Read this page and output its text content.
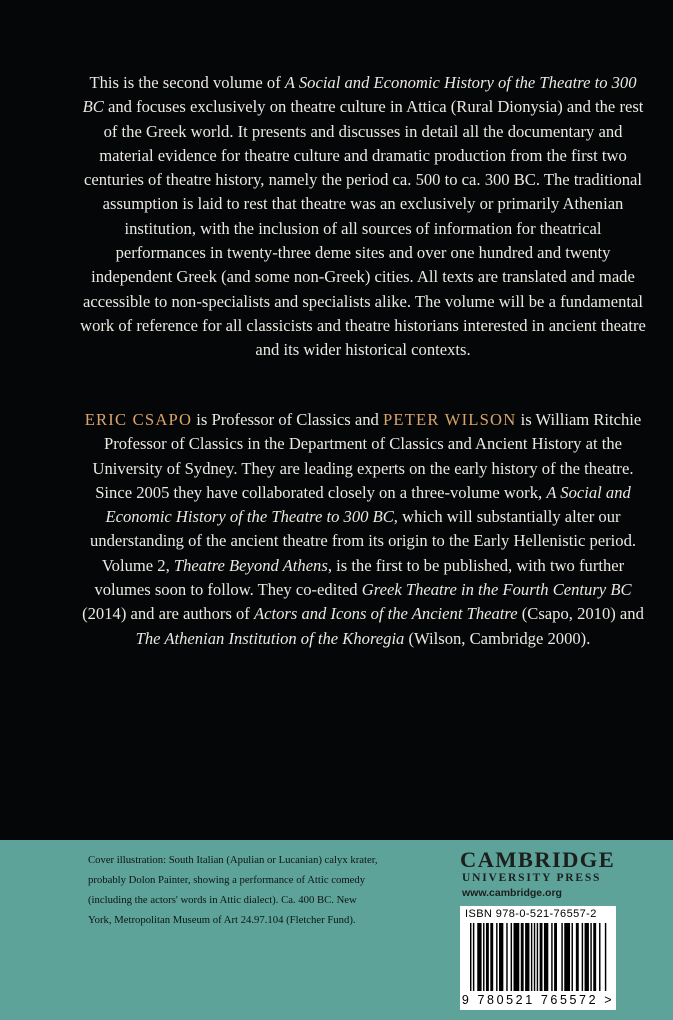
This is the second volume of A Social and Economic History of the Theatre to 300 BC and focuses exclusively on theatre culture in Attica (Rural Dionysia) and the rest of the Greek world. It presents and discusses in detail all the documentary and material evidence for theatre culture and dramatic production from the first two centuries of theatre history, namely the period ca. 500 to ca. 300 BC. The traditional assumption is laid to rest that theatre was an exclusively or primarily Athenian institution, with the inclusion of all sources of information for theatrical performances in twenty-three deme sites and over one hundred and twenty independent Greek (and some non-Greek) cities. All texts are translated and made accessible to non-specialists and specialists alike. The volume will be a fundamental work of reference for all classicists and theatre historians interested in ancient theatre and its wider historical contexts.

ERIC CSAPO is Professor of Classics and PETER WILSON is William Ritchie Professor of Classics in the Department of Classics and Ancient History at the University of Sydney. They are leading experts on the early history of the theatre. Since 2005 they have collaborated closely on a three-volume work, A Social and Economic History of the Theatre to 300 BC, which will substantially alter our understanding of the ancient theatre from its origin to the Early Hellenistic period. Volume 2, Theatre Beyond Athens, is the first to be published, with two further volumes soon to follow. They co-edited Greek Theatre in the Fourth Century BC (2014) and are authors of Actors and Icons of the Ancient Theatre (Csapo, 2010) and The Athenian Institution of the Khoregia (Wilson, Cambridge 2000).

Cover illustration: South Italian (Apulian or Lucanian) calyx krater, probably Dolon Painter, showing a performance of Attic comedy (including the actors' words in Attic dialect). Ca. 400 BC. New York, Metropolitan Museum of Art 24.97.104 (Fletcher Fund).

CAMBRIDGE
UNIVERSITY PRESS
www.cambridge.org
ISBN 978-0-521-76557-2
9 780521 765572 >
